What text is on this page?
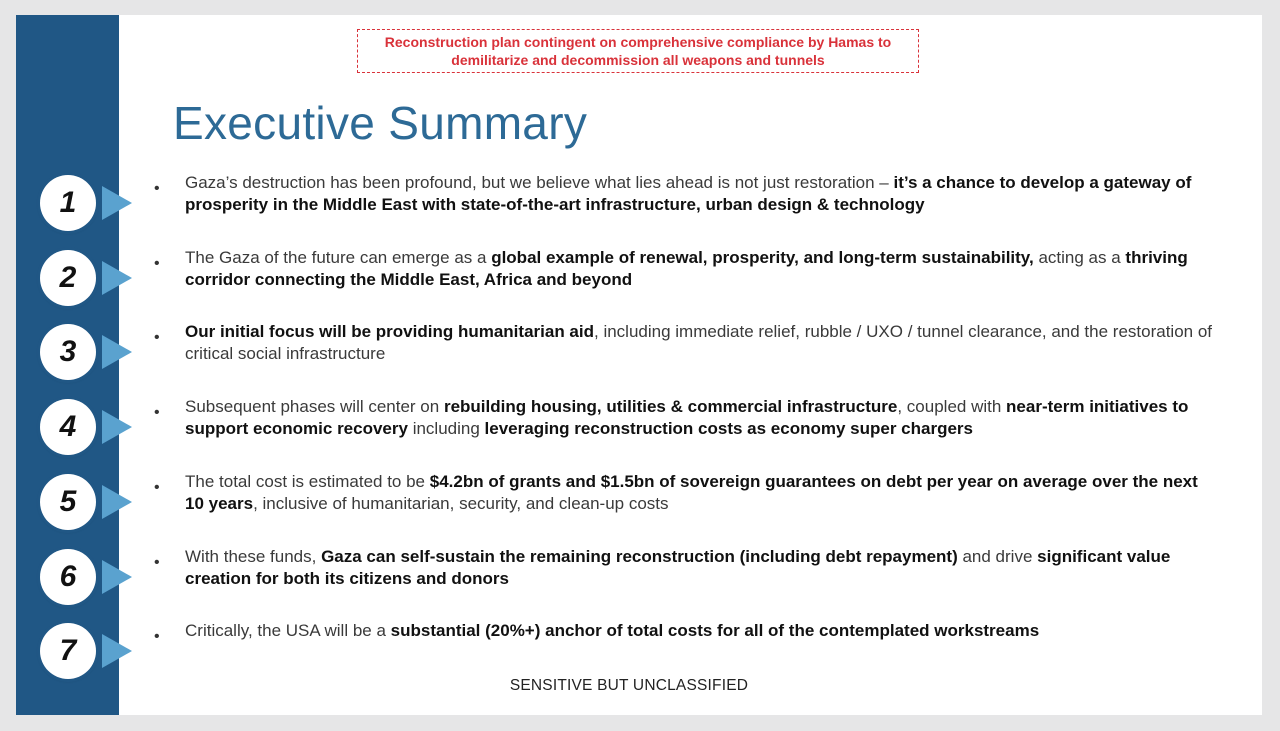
Reconstruction plan contingent on comprehensive compliance by Hamas to demilitarize and decommission all weapons and tunnels
Executive Summary
1	• Gaza’s destruction has been profound, but we believe what lies ahead is not just restoration – it’s a chance to develop a gateway of prosperity in the Middle East with state-of-the-art infrastructure, urban design & technology
2	• The Gaza of the future can emerge as a global example of renewal, prosperity, and long-term sustainability, acting as a thriving corridor connecting the Middle East, Africa and beyond
3	• Our initial focus will be providing humanitarian aid, including immediate relief, rubble / UXO / tunnel clearance, and the restoration of critical social infrastructure
4	• Subsequent phases will center on rebuilding housing, utilities & commercial infrastructure, coupled with near-term initiatives to support economic recovery including leveraging reconstruction costs as economy super chargers
5	• The total cost is estimated to be $4.2bn of grants and $1.5bn of sovereign guarantees on debt per year on average over the next 10 years, inclusive of humanitarian, security, and clean-up costs
6	• With these funds, Gaza can self-sustain the remaining reconstruction (including debt repayment) and drive significant value creation for both its citizens and donors
7	• Critically, the USA will be a substantial (20%+) anchor of total costs for all of the contemplated workstreams
SENSITIVE BUT UNCLASSIFIED
